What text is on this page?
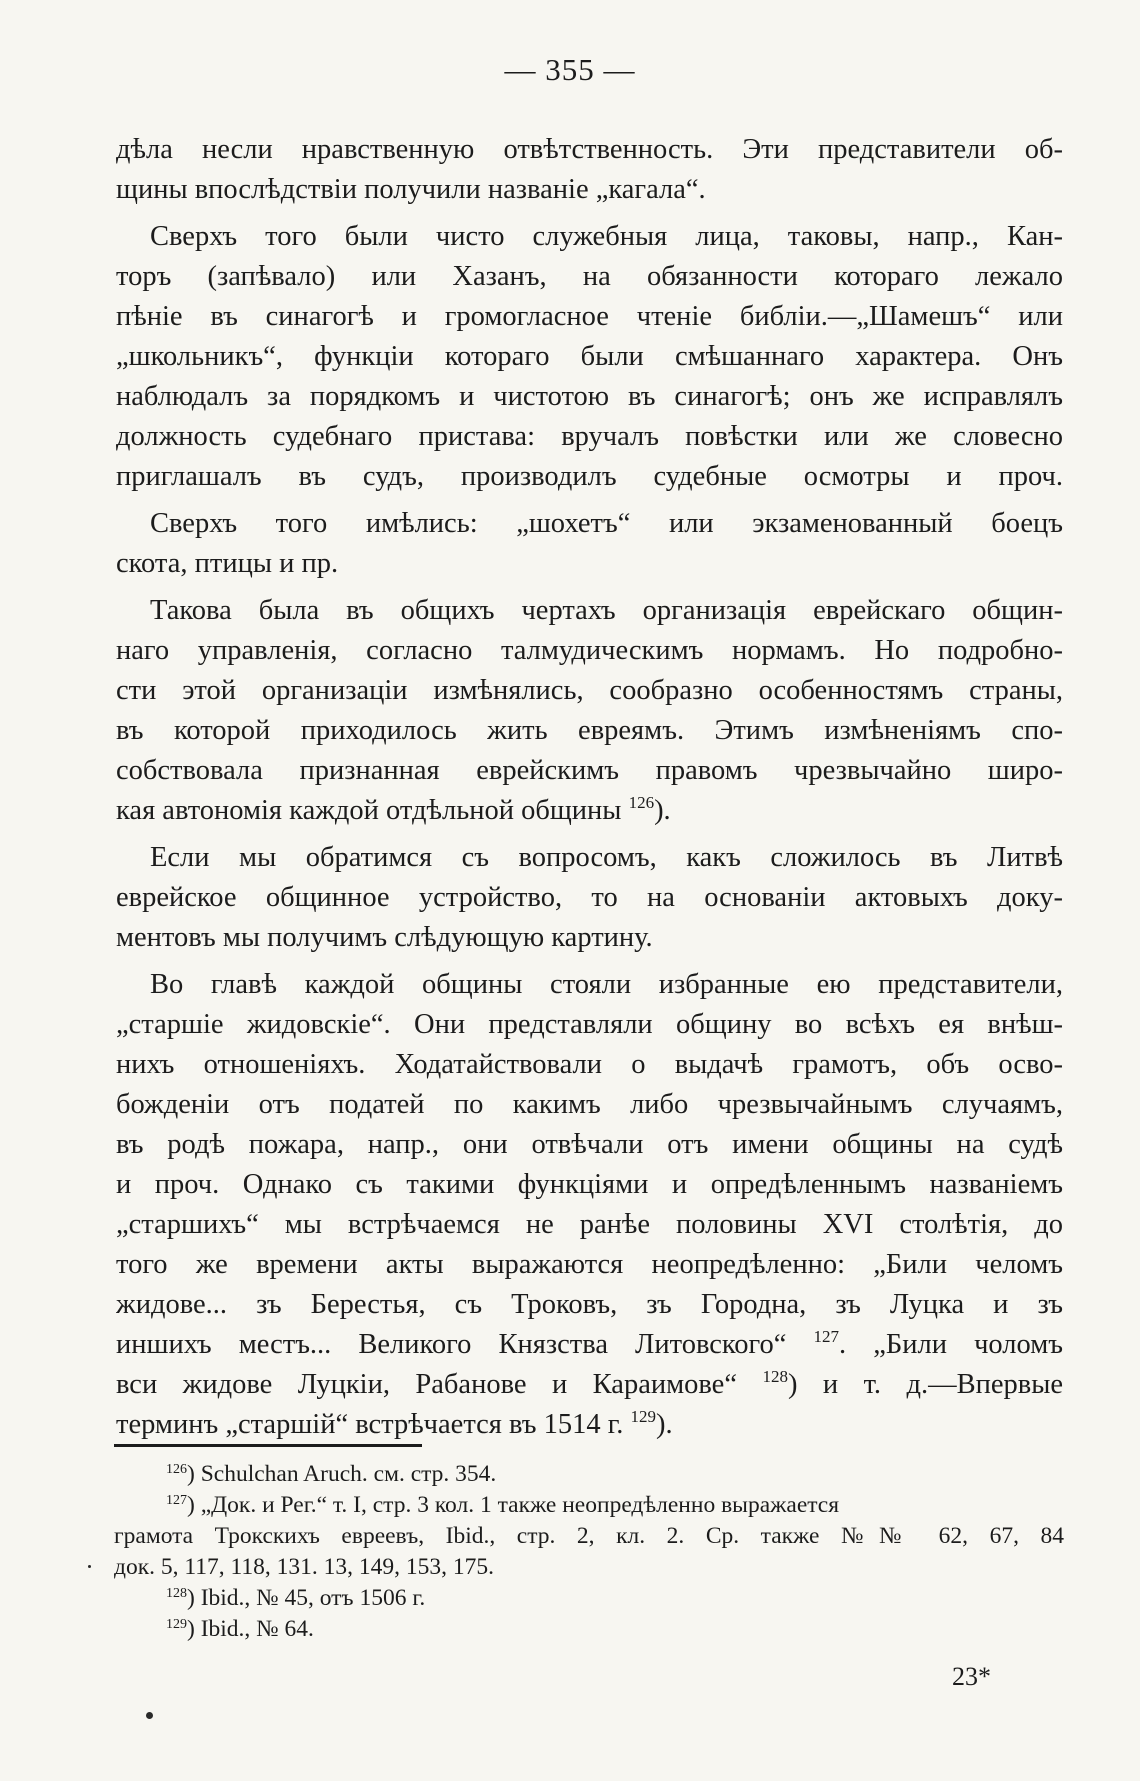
— 355 —
дѣла несли нравственную отвѣтственность. Эти представители об-
щины впослѣдствіи получили названіе „кагала“.
Сверхъ того были чисто служебныя лица, таковы, напр., Кан-
торъ (запѣвало) или Хазанъ, на обязанности котораго лежало
пѣніе въ синагогѣ и громогласное чтеніе библіи.—„Шамешъ“ или
„школьникъ“, функціи котораго были смѣшаннаго характера. Онъ
наблюдалъ за порядкомъ и чистотою въ синагогѣ; онъ же исправлялъ
должность судебнаго пристава: вручалъ повѣстки или же словесно
приглашалъ въ судъ, производилъ судебные осмотры и проч.
Сверхъ того имѣлись: „шохетъ“ или экзаменованный боецъ
скота, птицы и пр.
Такова была въ общихъ чертахъ организація еврейскаго общин-
наго управленія, согласно талмудическимъ нормамъ. Но подробно-
сти этой организаціи измѣнялись, сообразно особенностямъ страны,
въ которой приходилось жить евреямъ. Этимъ измѣненіямъ спо-
собствовала признанная еврейскимъ правомъ чрезвычайно широ-
кая автономія каждой отдѣльной общины $^{126}$).
Если мы обратимся съ вопросомъ, какъ сложилось въ Литвѣ
еврейское общинное устройство, то на основаніи актовыхъ доку-
ментовъ мы получимъ слѣдующую картину.
Во главѣ каждой общины стояли избранные ею представители,
„старшіе жидовскіе“. Они представляли общину во всѣхъ ея внѣш-
нихъ отношеніяхъ. Ходатайствовали о выдачѣ грамотъ, объ осво-
божденіи отъ податей по какимъ либо чрезвычайнымъ случаямъ,
въ родѣ пожара, напр., они отвѣчали отъ имени общины на судѣ
и проч. Однако съ такими функціями и опредѣленнымъ названіемъ
„старшихъ“ мы встрѣчаемся не ранѣе половины XVI столѣтія, до
того же времени акты выражаются неопредѣленно: „Били челомъ
жидове... зъ Берестья, съ Троковъ, зъ Городна, зъ Луцка и зъ
иншихъ местъ... Великого Князства Литовского“ $^{127}$. „Били чоломъ
вси жидове Луцкіи, Рабанове и Караимове“ $^{128}$) и т. д.—Впервые
терминъ „старшій“ встрѣчается въ 1514 г. $^{129}$).
$^{126}$) Schulchan Aruch. см. стр. 354.
$^{127}$) „Док. и Рег.“ т. I, стр. 3 кол. 1 также неопредѣленно выражается
грамота Трокскихъ евреевъ, Ibid., стр. 2, кл. 2. Ср. также №№ 62, 67, 84
док. 5, 117, 118, 131. 13, 149, 153, 175.
$^{128}$) Ibid., № 45, отъ 1506 г.
$^{129}$) Ibid., № 64.
23*
